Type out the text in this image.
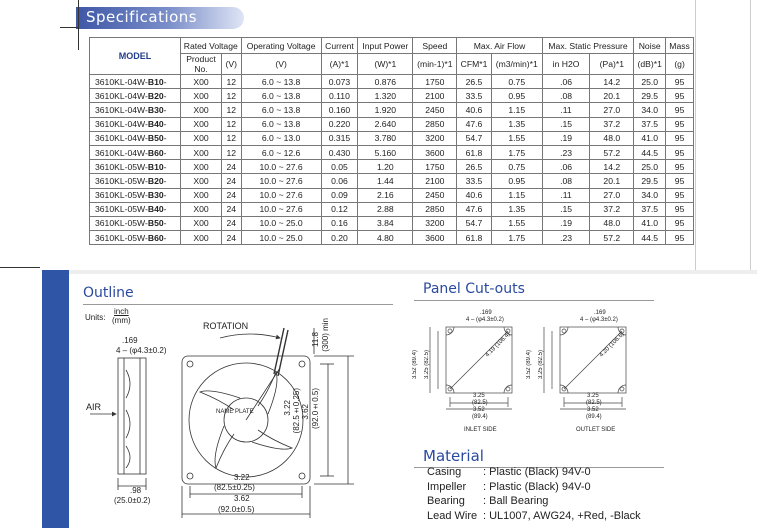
Specifications
MODEL	Rated Voltage		Operating Voltage	Current	Input Power	Speed	Max. Air Flow		Max. Static Pressure		Noise	Mass
	Product No.	(V)	(V)	(A)*1	(W)*1	(min-1)*1	CFM*1	(m3/min)*1	in H2O	(Pa)*1	(dB)*1	(g)
3610KL-04W-B10-	X00	12	6.0 ~ 13.8	0.073	0.876	1750	26.5	0.75	.06	14.2	25.0	95
3610KL-04W-B20-	X00	12	6.0 ~ 13.8	0.110	1.320	2100	33.5	0.95	.08	20.1	29.5	95
3610KL-04W-B30-	X00	12	6.0 ~ 13.8	0.160	1.920	2450	40.6	1.15	.11	27.0	34.0	95
3610KL-04W-B40-	X00	12	6.0 ~ 13.8	0.220	2.640	2850	47.6	1.35	.15	37.2	37.5	95
3610KL-04W-B50-	X00	12	6.0 ~ 13.0	0.315	3.780	3200	54.7	1.55	.19	48.0	41.0	95
3610KL-04W-B60-	X00	12	6.0 ~ 12.6	0.430	5.160	3600	61.8	1.75	.23	57.2	44.5	95
3610KL-05W-B10-	X00	24	10.0 ~ 27.6	0.05	1.20	1750	26.5	0.75	.06	14.2	25.0	95
3610KL-05W-B20-	X00	24	10.0 ~ 27.6	0.06	1.44	2100	33.5	0.95	.08	20.1	29.5	95
3610KL-05W-B30-	X00	24	10.0 ~ 27.6	0.09	2.16	2450	40.6	1.15	.11	27.0	34.0	95
3610KL-05W-B40-	X00	24	10.0 ~ 27.6	0.12	2.88	2850	47.6	1.35	.15	37.2	37.5	95
3610KL-05W-B50-	X00	24	10.0 ~ 25.0	0.16	3.84	3200	54.7	1.55	.19	48.0	41.0	95
3610KL-05W-B60-	X00	24	10.0 ~ 25.0	0.20	4.80	3600	61.8	1.75	.23	57.2	44.5	95
Outline
Units:
inch
(mm)
ROTATION
AIR	NAME PLATE
.169
4 – (φ4.3±0.2)
.98
(25.0±0.2)
3.22
(82.5±0.25)
3.62
(92.0±0.5)
3.22 (82.5±0.25) 3.62 (92.0±0.5)
11.8 (300) min
Panel Cut-outs
.169
4 – (φ4.3±0.2)
4.19 (106.4)
3.25
(82.5)
3.52
(89.4)
3.52 (89.4)
3.25 (82.5)
INLET SIDE
.169
4 – (φ4.3±0.2)
4.20 (106.6)
3.25
(82.5)
3.52
(89.4)
3.52 (89.4)
3.25 (82.5)
OUTLET SIDE
Material
Casing : Plastic (Black) 94V-0
Impeller : Plastic (Black) 94V-0
Bearing : Ball Bearing
Lead Wire : UL1007, AWG24, +Red, -Black
